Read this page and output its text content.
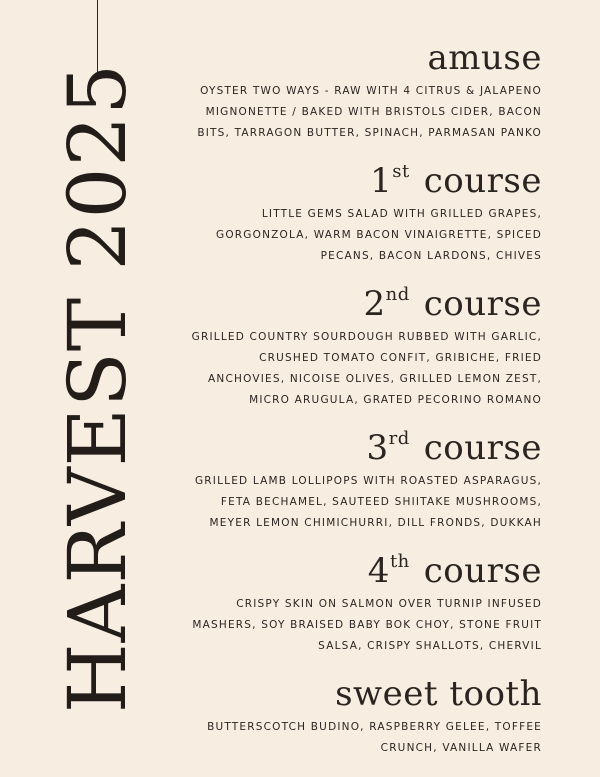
HARVEST 2025
amuse
OYSTER TWO WAYS - RAW WITH 4 CITRUS & JALAPENO MIGNONETTE / BAKED WITH BRISTOLS CIDER, BACON BITS, TARRAGON BUTTER, SPINACH, PARMASAN PANKO
1st course
LITTLE GEMS SALAD WITH GRILLED GRAPES, GORGONZOLA, WARM BACON VINAIGRETTE, SPICED PECANS, BACON LARDONS, CHIVES
2nd course
GRILLED COUNTRY SOURDOUGH RUBBED WITH GARLIC, CRUSHED TOMATO CONFIT, GRIBICHE, FRIED ANCHOVIES, NICOISE OLIVES, GRILLED LEMON ZEST, MICRO ARUGULA, GRATED PECORINO ROMANO
3rd course
GRILLED LAMB LOLLIPOPS WITH ROASTED ASPARAGUS, FETA BECHAMEL, SAUTEED SHIITAKE MUSHROOMS, MEYER LEMON CHIMICHURRI, DILL FRONDS, DUKKAH
4th course
CRISPY SKIN ON SALMON OVER TURNIP INFUSED MASHERS, SOY BRAISED BABY BOK CHOY, STONE FRUIT SALSA, CRISPY SHALLOTS, CHERVIL
sweet tooth
BUTTERSCOTCH BUDINO, RASPBERRY GELEE, TOFFEE CRUNCH, VANILLA WAFER
